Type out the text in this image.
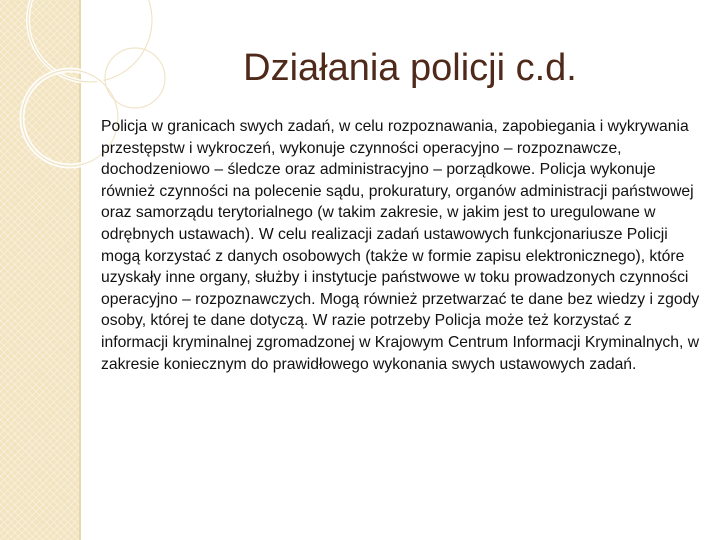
Działania policji c.d.

Policja w granicach swych zadań, w celu rozpoznawania, zapobiegania i wykrywania przestępstw i wykroczeń, wykonuje czynności operacyjno – rozpoznawcze, dochodzeniowo – śledcze oraz administracyjno – porządkowe. Policja wykonuje również czynności na polecenie sądu, prokuratury, organów administracji państwowej oraz samorządu terytorialnego (w takim zakresie, w jakim jest to uregulowane w odrębnych ustawach). W celu realizacji zadań ustawowych funkcjonariusze Policji mogą korzystać z danych osobowych (także w formie zapisu elektronicznego), które uzyskały inne organy, służby i instytucje państwowe w toku prowadzonych czynności operacyjno – rozpoznawczych. Mogą również przetwarzać te dane bez wiedzy i zgody osoby, której te dane dotyczą. W razie potrzeby Policja może też korzystać z informacji kryminalnej zgromadzonej w Krajowym Centrum Informacji Kryminalnych, w zakresie koniecznym do prawidłowego wykonania swych ustawowych zadań.
